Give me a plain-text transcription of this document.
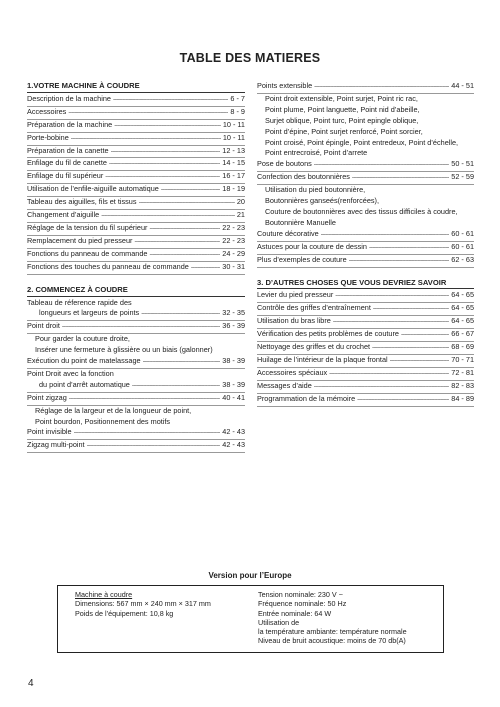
TABLE DES MATIERES
1.VOTRE MACHINE À COUDRE
Description de la machine -----	6 - 7
Accessoires -----	8 - 9
Préparation de la machine -----	10 - 11
Porte-bobine -----	10 - 11
Préparation de la canette -----	12 - 13
Enfilage du fil de canette -----	14 - 15
Enfilage du fil supérieur -----	16 - 17
Utilisation de l’enfile-aiguille automatique -----	18 - 19
Tableau des aiguilles, fils et tissus -----	20
Changement d’aiguille -----	21
Réglage de la tension du fil supérieur -----	22 - 23
Remplacement du pied presseur -----	22 - 23
Fonctions du panneau de commande -----	24 - 29
Fonctions des touches du panneau de commande -----	30 - 31
2. COMMENCEZ À COUDRE
Tableau de réference rapide des
longueurs et largeurs de points -----	32 - 35
Point droit -----	36 - 39
Pour garder la couture droite,
Insérer une fermeture à glissière ou un biais (galonner)
Exécution du point de matelassage -----	38 - 39
Point Droit avec la fonction
du point d’arrêt automatique -----	38 - 39
Point zigzag -----	40 - 41
Réglage de la largeur et de la longueur de point,
Point bourdon, Positionnement des motifs
Point invisible -----	42 - 43
Zigzag multi-point -----	42 - 43
Points extensible -----	44 - 51
Point droit extensible, Point surjet, Point ric rac,
Point plume, Point languette, Point nid d’abeille,
Surjet oblique, Point turc, Point epingle oblique,
Point d’épine, Point surjet renforcé, Point sorcier,
Point croisé, Point épingle, Point entredeux, Point d’échelle,
Point entrecroisé, Point d’arrete
Pose de boutons -----	50 - 51
Confection des boutonnières -----	52 - 59
Utilisation du pied boutonnière,
Boutonnières ganseés(renforcées),
Couture de boutonnières avec des tissus difficiles à coudre,
Boutonnière Manuelle
Couture décorative -----	60 - 61
Astuces pour la couture de dessin -----	60 - 61
Plus d’exemples de couture -----	62 - 63
3. D’AUTRES CHOSES QUE VOUS DEVRIEZ SAVOIR
Levier du pied presseur -----	64 - 65
Contrôle des griffes d’entraînement -----	64 - 65
Utilisation du bras libre -----	64 - 65
Vérification des petits problèmes de couture -----	66 - 67
Nettoyage des griffes et du crochet -----	68 - 69
Huilage de l’intérieur de la plaque frontal -----	70 - 71
Accessoires spéciaux -----	72 - 81
Messages d’aide -----	82 - 83
Programmation de la mémoire -----	84 - 89
Version pour l’Europe
Machine à coudre
Dimensions: 567 mm × 240 mm × 317 mm
Poids de l’équipement: 10,8 kg
Tension nominale: 230 V ~
Fréquence nominale: 50 Hz
Entrée nominale: 64 W
Utilisation de
la température ambiante: température normale
Niveau de bruit acoustique: moins de 70 db(A)
4
